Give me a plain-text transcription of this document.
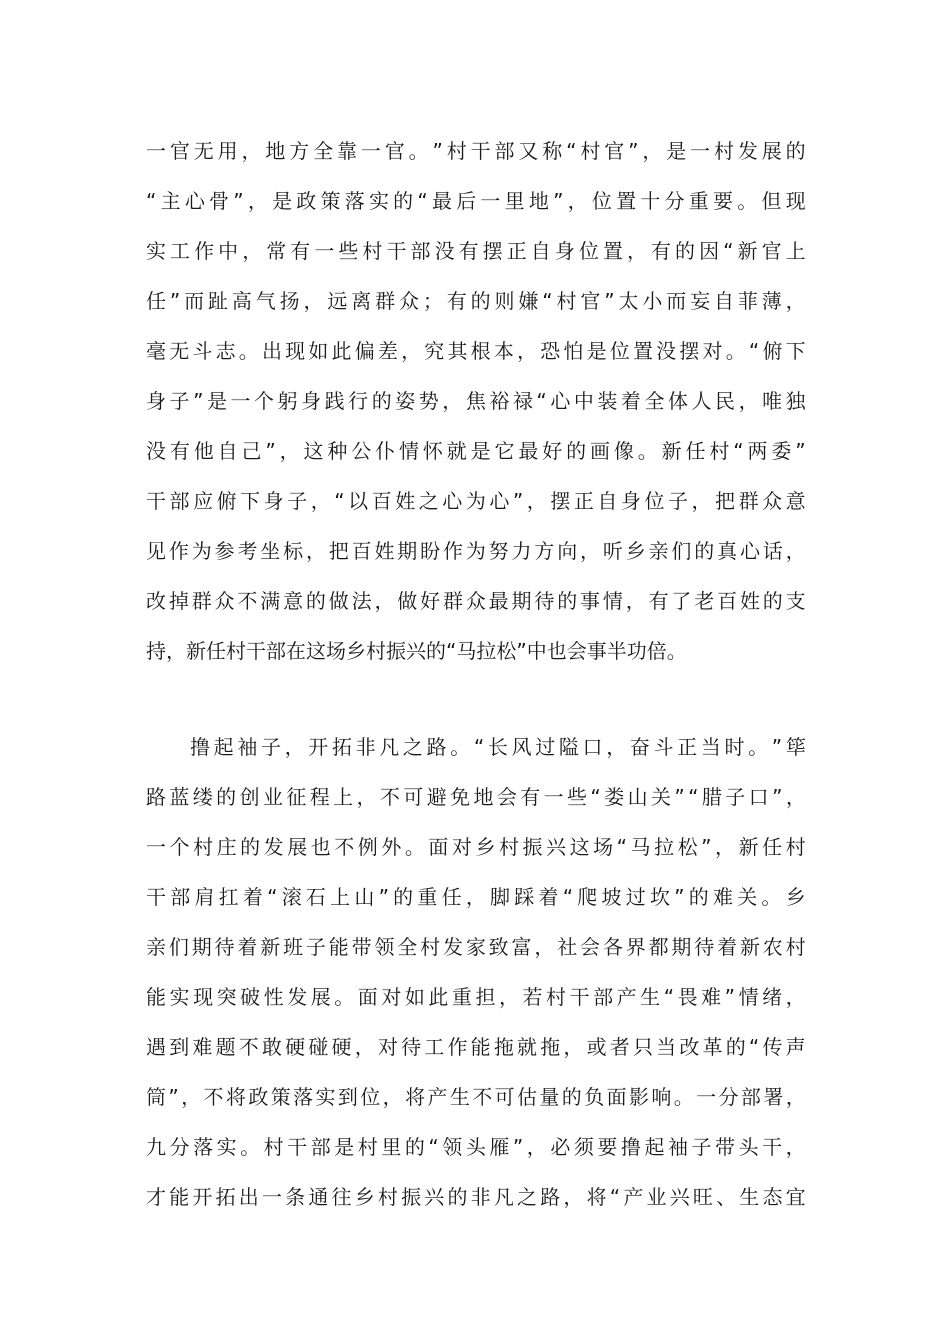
一 官 无 用 ， 地 方 全 靠 一 官 。 ” 村 干 部 又 称 “ 村 官 ” ， 是 一 村 发 展 的
“ 主 心 骨 ” ， 是 政 策 落 实 的 “ 最 后 一 里 地 ” ， 位 置 十 分 重 要 。 但 现
实 工 作 中 ， 常 有 一 些 村 干 部 没 有 摆 正 自 身 位 置 ， 有 的 因 “ 新 官 上
任 ” 而 趾 高 气 扬 ， 远 离 群 众 ； 有 的 则 嫌 “ 村 官 ” 太 小 而 妄 自 菲 薄 ，
毫 无 斗 志 。 出 现 如 此 偏 差 ， 究 其 根 本 ， 恐 怕 是 位 置 没 摆 对 。 “ 俯 下
身 子 ” 是 一 个 躬 身 践 行 的 姿 势 ， 焦 裕 禄 “ 心 中 装 着 全 体 人 民 ， 唯 独
没 有 他 自 己 ” ， 这 种 公 仆 情 怀 就 是 它 最 好 的 画 像 。 新 任 村 “ 两 委 ”
干 部 应 俯 下 身 子 ， “ 以 百 姓 之 心 为 心 ” ， 摆 正 自 身 位 子 ， 把 群 众 意
见 作 为 参 考 坐 标 ， 把 百 姓 期 盼 作 为 努 力 方 向 ， 听 乡 亲 们 的 真 心 话 ，
改 掉 群 众 不 满 意 的 做 法 ， 做 好 群 众 最 期 待 的 事 情 ， 有 了 老 百 姓 的 支
持，新任村干部在这场乡村振兴的“马拉松”中也会事半功倍。
撸 起 袖 子 ， 开 拓 非 凡 之 路 。 “ 长 风 过 隘 口 ， 奋 斗 正 当 时 。 ” 筚
路 蓝 缕 的 创 业 征 程 上 ， 不 可 避 免 地 会 有 一 些 “ 娄 山 关 ” “ 腊 子 口 ” ，
一 个 村 庄 的 发 展 也 不 例 外 。 面 对 乡 村 振 兴 这 场 “ 马 拉 松 ” ， 新 任 村
干 部 肩 扛 着 “ 滚 石 上 山 ” 的 重 任 ， 脚 踩 着 “ 爬 坡 过 坎 ” 的 难 关 。 乡
亲 们 期 待 着 新 班 子 能 带 领 全 村 发 家 致 富 ， 社 会 各 界 都 期 待 着 新 农 村
能 实 现 突 破 性 发 展 。 面 对 如 此 重 担 ， 若 村 干 部 产 生 “ 畏 难 ” 情 绪 ，
遇 到 难 题 不 敢 硬 碰 硬 ， 对 待 工 作 能 拖 就 拖 ， 或 者 只 当 改 革 的 “ 传 声
筒 ” ， 不 将 政 策 落 实 到 位 ， 将 产 生 不 可 估 量 的 负 面 影 响 。 一 分 部 署 ，
九 分 落 实 。 村 干 部 是 村 里 的 “ 领 头 雁 ” ， 必 须 要 撸 起 袖 子 带 头 干 ，
才 能 开 拓 出 一 条 通 往 乡 村 振 兴 的 非 凡 之 路 ， 将 “ 产 业 兴 旺 、 生 态 宜
